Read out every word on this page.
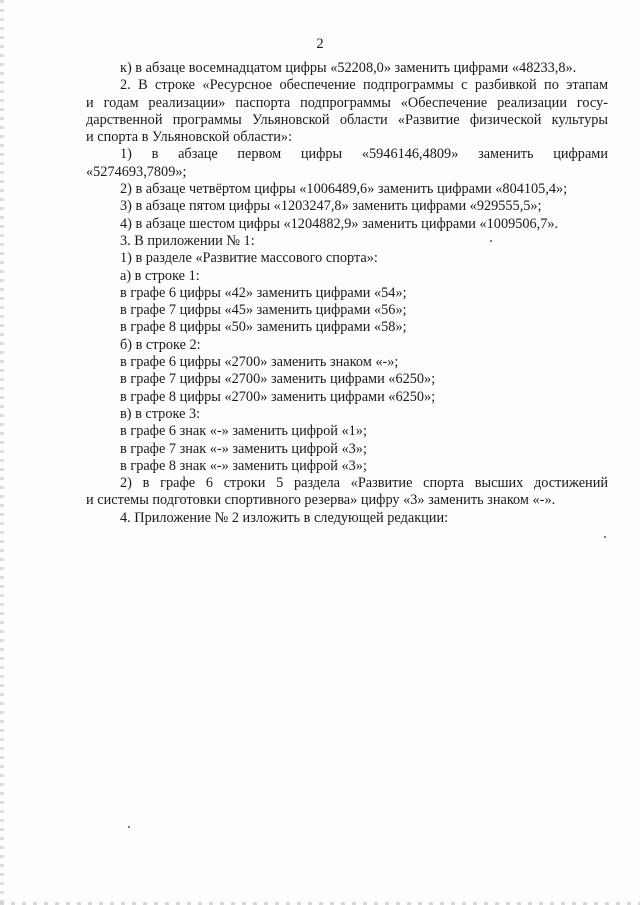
2
к) в абзаце восемнадцатом цифры «52208,0» заменить цифрами «48233,8».
2. В строке «Ресурсное обеспечение подпрограммы с разбивкой по этапам
и годам реализации» паспорта подпрограммы «Обеспечение реализации госу-
дарственной программы Ульяновской области «Развитие физической культуры
и спорта в Ульяновской области»:
1) в абзаце первом цифры «5946146,4809» заменить цифрами
«5274693,7809»;
2) в абзаце четвёртом цифры «1006489,6» заменить цифрами «804105,4»;
3) в абзаце пятом цифры «1203247,8» заменить цифрами «929555,5»;
4) в абзаце шестом цифры «1204882,9» заменить цифрами «1009506,7».
3. В приложении № 1:
1) в разделе «Развитие массового спорта»:
а) в строке 1:
в графе 6 цифры «42» заменить цифрами «54»;
в графе 7 цифры «45» заменить цифрами «56»;
в графе 8 цифры «50» заменить цифрами «58»;
б) в строке 2:
в графе 6 цифры «2700» заменить знаком «-»;
в графе 7 цифры «2700» заменить цифрами «6250»;
в графе 8 цифры «2700» заменить цифрами «6250»;
в) в строке 3:
в графе 6 знак «-» заменить цифрой «1»;
в графе 7 знак «-» заменить цифрой «3»;
в графе 8 знак «-» заменить цифрой «3»;
2) в графе 6 строки 5 раздела «Развитие спорта высших достижений
и системы подготовки спортивного резерва» цифру «3» заменить знаком «-».
4. Приложение № 2 изложить в следующей редакции:
